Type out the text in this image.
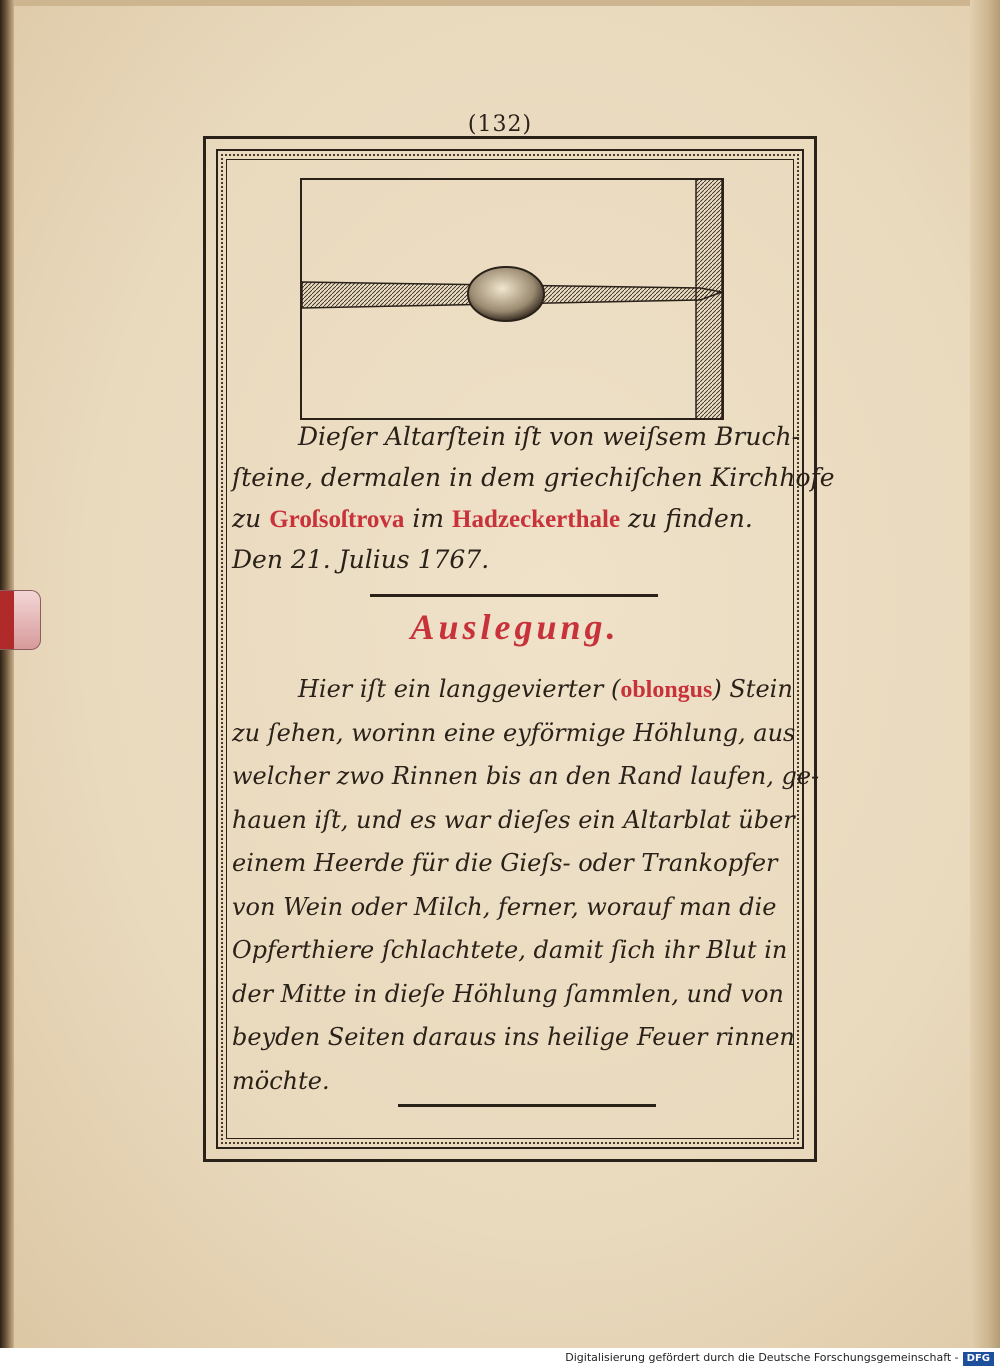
(132)
Dieſer Altarſtein iſt von weiſsem Bruch-
ſteine, dermalen in dem griechiſchen Kirchhofe
zu Groſsoſtrova im Hadzeckerthale zu finden.
Den 21. Julius 1767.
Auslegung.
Hier iſt ein langgevierter (oblongus) Stein
zu ſehen, worinn eine eyförmige Höhlung, aus
welcher zwo Rinnen bis an den Rand laufen, ge-
hauen iſt, und es war dieſes ein Altarblat über
einem Heerde für die Gieſs- oder Trankopfer
von Wein oder Milch, ferner, worauf man die
Opferthiere ſchlachtete, damit ſich ihr Blut in
der Mitte in dieſe Höhlung ſammlen, und von
beyden Seiten daraus ins heilige Feuer rinnen
möchte.
Digitalisierung gefördert durch die Deutsche Forschungsgemeinschaft - DFG
